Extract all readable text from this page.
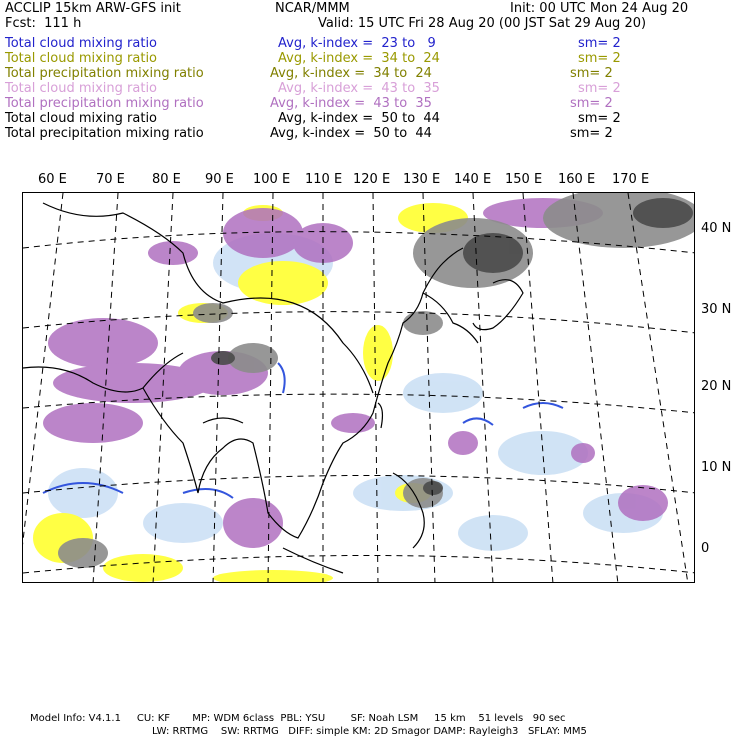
ACCLIP 15km ARW-GFS init	NCAR/MMM	Init: 00 UTC Mon 24 Aug 20
Fcst:  111 h	Valid: 15 UTC Fri 28 Aug 20 (00 JST Sat 29 Aug 20)
Total cloud mixing ratio	Avg, k-index =  23 to   9	sm= 2
Total cloud mixing ratio	Avg, k-index =  34 to  24	sm= 2
Total precipitation mixing ratio	Avg, k-index =  34 to  24	sm= 2
Total cloud mixing ratio	Avg, k-index =  43 to  35	sm= 2
Total precipitation mixing ratio	Avg, k-index =  43 to  35	sm= 2
Total cloud mixing ratio	Avg, k-index =  50 to  44	sm= 2
Total precipitation mixing ratio	Avg, k-index =  50 to  44	sm= 2
60 E 70 E 80 E 90 E 100 E 110 E 120 E 130 E 140 E 150 E 160 E 170 E
40 N
30 N
20 N
10 N
0
Model Info: V4.1.1     CU: KF       MP: WDM 6class  PBL: YSU        SF: Noah LSM     15 km    51 levels   90 sec
LW: RRTMG    SW: RRTMG   DIFF: simple KM: 2D Smagor DAMP: Rayleigh3   SFLAY: MM5
